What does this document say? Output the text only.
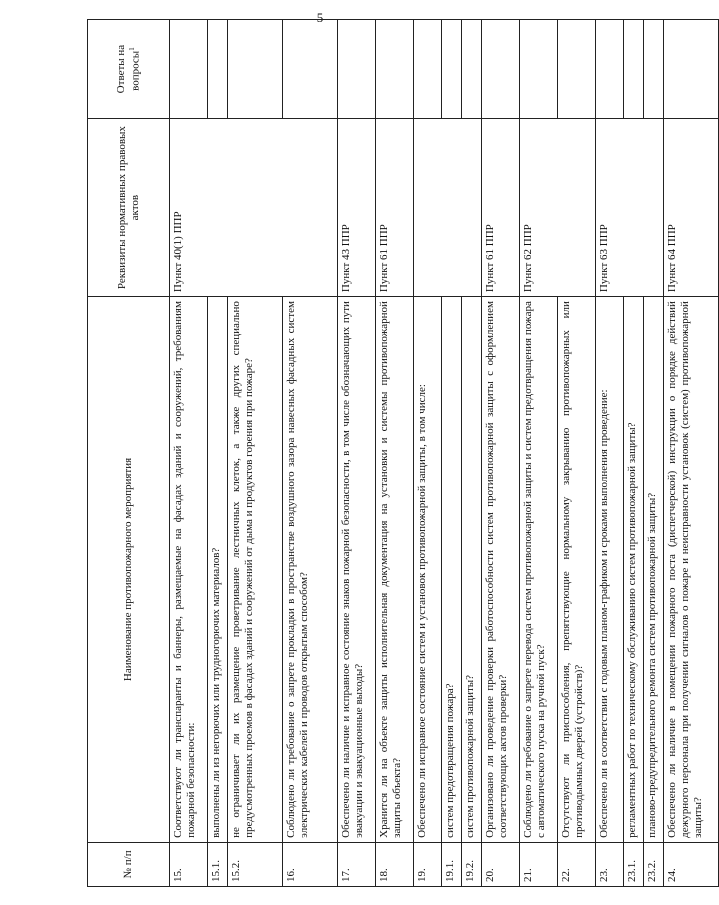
5
№ п/п	Наименование противопожарного мероприятия	Реквизиты нормативных правовых актов	Ответы на вопросы$^1$
15.	Соответствуют ли транспаранты и баннеры, размещаемые на фасадах зданий и сооружений, требованиям пожарной безопасности:	Пункт 40(1) ППР	
15.1.	выполнены ли из негорючих или трудногорючих материалов?		
15.2.	не ограничивает ли их размещение проветривание лестничных клеток, а также других специально предусмотренных проемов в фасадах зданий и сооружений от дыма и продуктов горения при пожаре?		
16.	Соблюдено ли требование о запрете прокладки в пространстве воздушного зазора навесных фасадных систем электрических кабелей и проводов открытым способом?		
17.	Обеспечено ли наличие и исправное состояние знаков пожарной безопасности, в том числе обозначающих пути эвакуации и эвакуационные выходы?	Пункт 43 ППР	
18.	Хранится ли на объекте защиты исполнительная документация на установки и системы противопожарной защиты объекта?	Пункт 61 ППР	
19.	Обеспечено ли исправное состояние систем и установок противопожарной защиты, в том числе:		
19.1.	систем предотвращения пожара?		
19.2.	систем противопожарной защиты?		
20.	Организовано ли проведение проверки работоспособности систем противопожарной защиты с оформлением соответствующих актов проверки?	Пункт 61 ППР	
21.	Соблюдено ли требование о запрете перевода систем противопожарной защиты и систем предотвращения пожара с автоматического пуска на ручной пуск?	Пункт 62 ППР	
22.	Отсутствуют ли приспособления, препятствующие нормальному закрыванию противопожарных или противодымных дверей (устройств)?		
23.	Обеспечено ли в соответствии с годовым планом-графиком и сроками выполнения проведение:	Пункт 63 ППР	
23.1.	регламентных работ по техническому обслуживанию систем противопожарной защиты?		
23.2.	планово-предупредительного ремонта систем противопожарной защиты?		
24.	Обеспечено ли наличие в помещении пожарного поста (диспетчерской) инструкции о порядке действий дежурного персонала при получении сигналов о пожаре и неисправности установок (систем) противопожарной защиты?	Пункт 64 ППР	
